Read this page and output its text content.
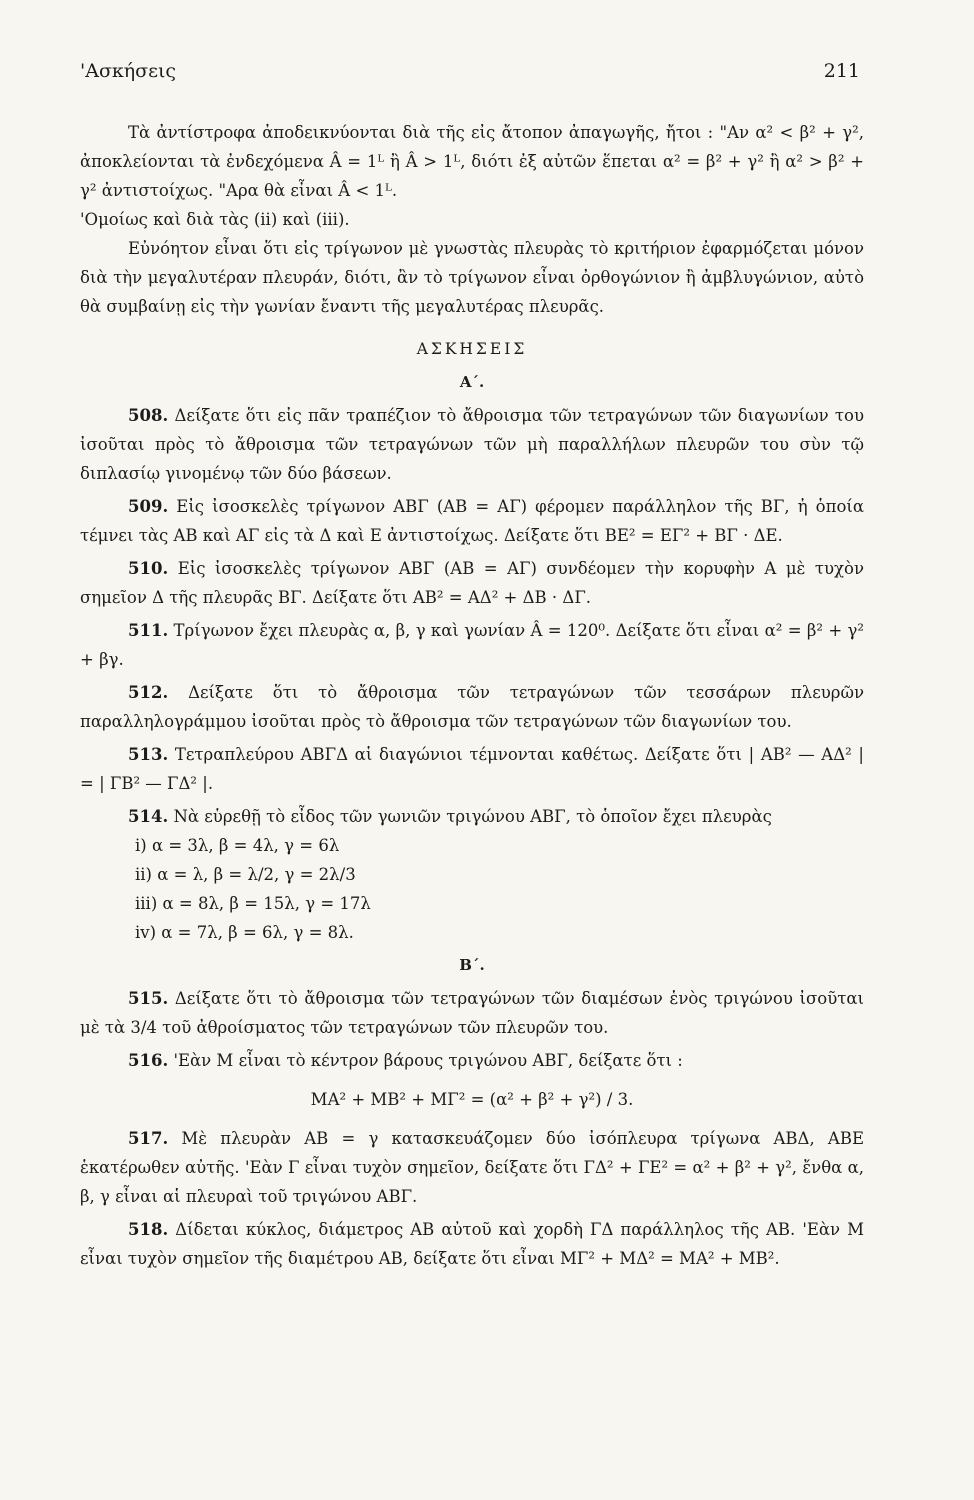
'Ασκήσεις	211

Τὰ ἀντίστροφα ἀποδεικνύονται διὰ τῆς εἰς ἄτοπον ἀπαγωγῆς, ἤτοι : "Αν α² < β² + γ², ἀποκλείονται τὰ ἐνδεχόμενα Â = 1ᴸ ἢ Â > 1ᴸ, διότι ἐξ αὐτῶν ἕπεται α² = β² + γ² ἢ α² > β² + γ² ἀντιστοίχως. "Αρα θὰ εἶναι Â < 1ᴸ.

'Ομοίως καὶ διὰ τὰς (ii) καὶ (iii).

Εὐνόητον εἶναι ὅτι εἰς τρίγωνον μὲ γνωστὰς πλευρὰς τὸ κριτήριον ἐφαρμόζεται μόνον διὰ τὴν μεγαλυτέραν πλευράν, διότι, ἂν τὸ τρίγωνον εἶναι ὀρθογώνιον ἢ ἀμβλυγώνιον, αὐτὸ θὰ συμβαίνῃ εἰς τὴν γωνίαν ἔναντι τῆς μεγαλυτέρας πλευρᾶς.

ΑΣΚΗΣΕΙΣ
Α΄.

508. Δείξατε ὅτι εἰς πᾶν τραπέζιον τὸ ἄθροισμα τῶν τετραγώνων τῶν διαγωνίων του ἰσοῦται πρὸς τὸ ἄθροισμα τῶν τετραγώνων τῶν μὴ παραλλήλων πλευρῶν του σὺν τῷ διπλασίῳ γινομένῳ τῶν δύο βάσεων.

509. Εἰς ἰσοσκελὲς τρίγωνον ΑΒΓ (ΑΒ = ΑΓ) φέρομεν παράλληλον τῆς ΒΓ, ἡ ὁποία τέμνει τὰς ΑΒ καὶ ΑΓ εἰς τὰ Δ καὶ Ε ἀντιστοίχως. Δείξατε ὅτι ΒΕ² = ΕΓ² + ΒΓ · ΔΕ.

510. Εἰς ἰσοσκελὲς τρίγωνον ΑΒΓ (ΑΒ = ΑΓ) συνδέομεν τὴν κορυφὴν Α μὲ τυχὸν σημεῖον Δ τῆς πλευρᾶς ΒΓ. Δείξατε ὅτι ΑΒ² = ΑΔ² + ΔΒ · ΔΓ.

511. Τρίγωνον ἔχει πλευρὰς α, β, γ καὶ γωνίαν Â = 120⁰. Δείξατε ὅτι εἶναι α² = β² + γ² + βγ.

512. Δείξατε ὅτι τὸ ἄθροισμα τῶν τετραγώνων τῶν τεσσάρων πλευρῶν παραλληλογράμμου ἰσοῦται πρὸς τὸ ἄθροισμα τῶν τετραγώνων τῶν διαγωνίων του.

513. Τετραπλεύρου ΑΒΓΔ αἱ διαγώνιοι τέμνονται καθέτως. Δείξατε ὅτι | ΑΒ² — ΑΔ² | = | ΓΒ² — ΓΔ² |.

514. Νὰ εὑρεθῇ τὸ εἶδος τῶν γωνιῶν τριγώνου ΑΒΓ, τὸ ὁποῖον ἔχει πλευρὰς

i) α = 3λ, β = 4λ, γ = 6λ

ii) α = λ, β = λ/2, γ = 2λ/3

iii) α = 8λ, β = 15λ, γ = 17λ

iv) α = 7λ, β = 6λ, γ = 8λ.

Β΄.

515. Δείξατε ὅτι τὸ ἄθροισμα τῶν τετραγώνων τῶν διαμέσων ἑνὸς τριγώνου ἰσοῦται μὲ τὰ 3/4 τοῦ ἀθροίσματος τῶν τετραγώνων τῶν πλευρῶν του.

516. 'Εὰν Μ εἶναι τὸ κέντρον βάρους τριγώνου ΑΒΓ, δείξατε ὅτι :

ΜΑ² + ΜΒ² + ΜΓ² = (α² + β² + γ²) / 3.

517. Μὲ πλευρὰν ΑΒ = γ κατασκευάζομεν δύο ἰσόπλευρα τρίγωνα ΑΒΔ, ΑΒΕ ἑκατέρωθεν αὐτῆς. 'Εὰν Γ εἶναι τυχὸν σημεῖον, δείξατε ὅτι ΓΔ² + ΓΕ² = α² + β² + γ², ἔνθα α, β, γ εἶναι αἱ πλευραὶ τοῦ τριγώνου ΑΒΓ.

518. Δίδεται κύκλος, διάμετρος ΑΒ αὐτοῦ καὶ χορδὴ ΓΔ παράλληλος τῆς ΑΒ. 'Εὰν Μ εἶναι τυχὸν σημεῖον τῆς διαμέτρου ΑΒ, δείξατε ὅτι εἶναι ΜΓ² + ΜΔ² = ΜΑ² + ΜΒ².
